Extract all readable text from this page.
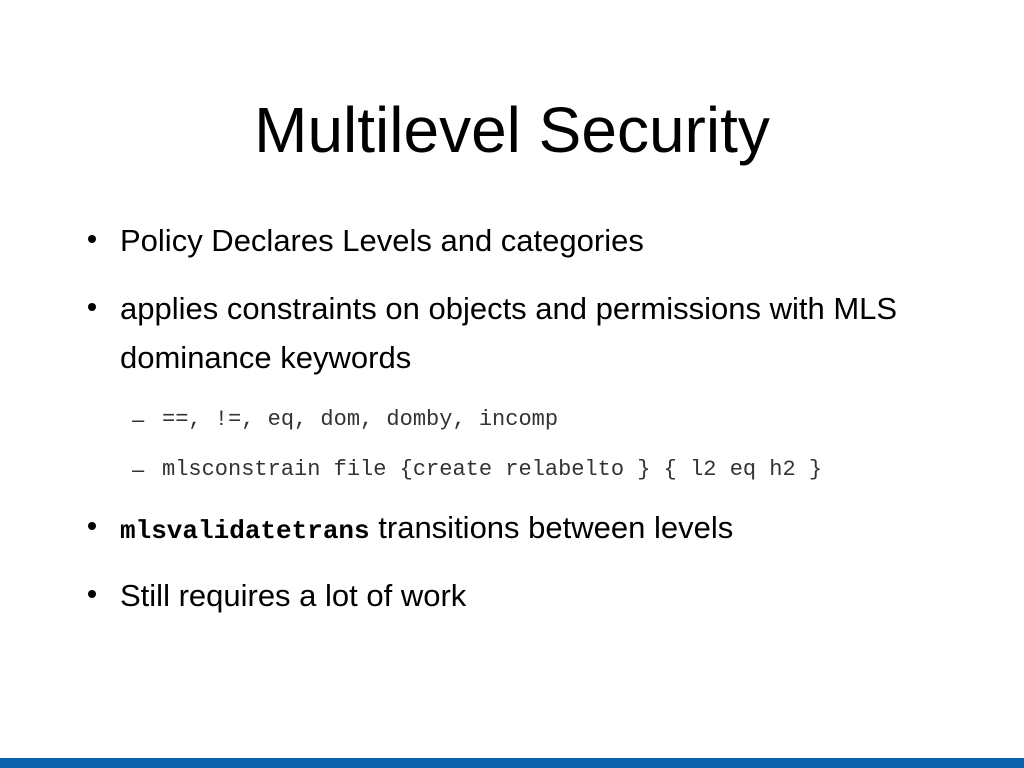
Multilevel Security
Policy Declares Levels and categories
applies constraints on objects and permissions with MLS dominance keywords
– ==, !=, eq, dom, domby, incomp
– mlsconstrain file {create relabelto } { l2 eq h2 }
mlsvalidatetrans transitions between levels
Still requires a lot of work
